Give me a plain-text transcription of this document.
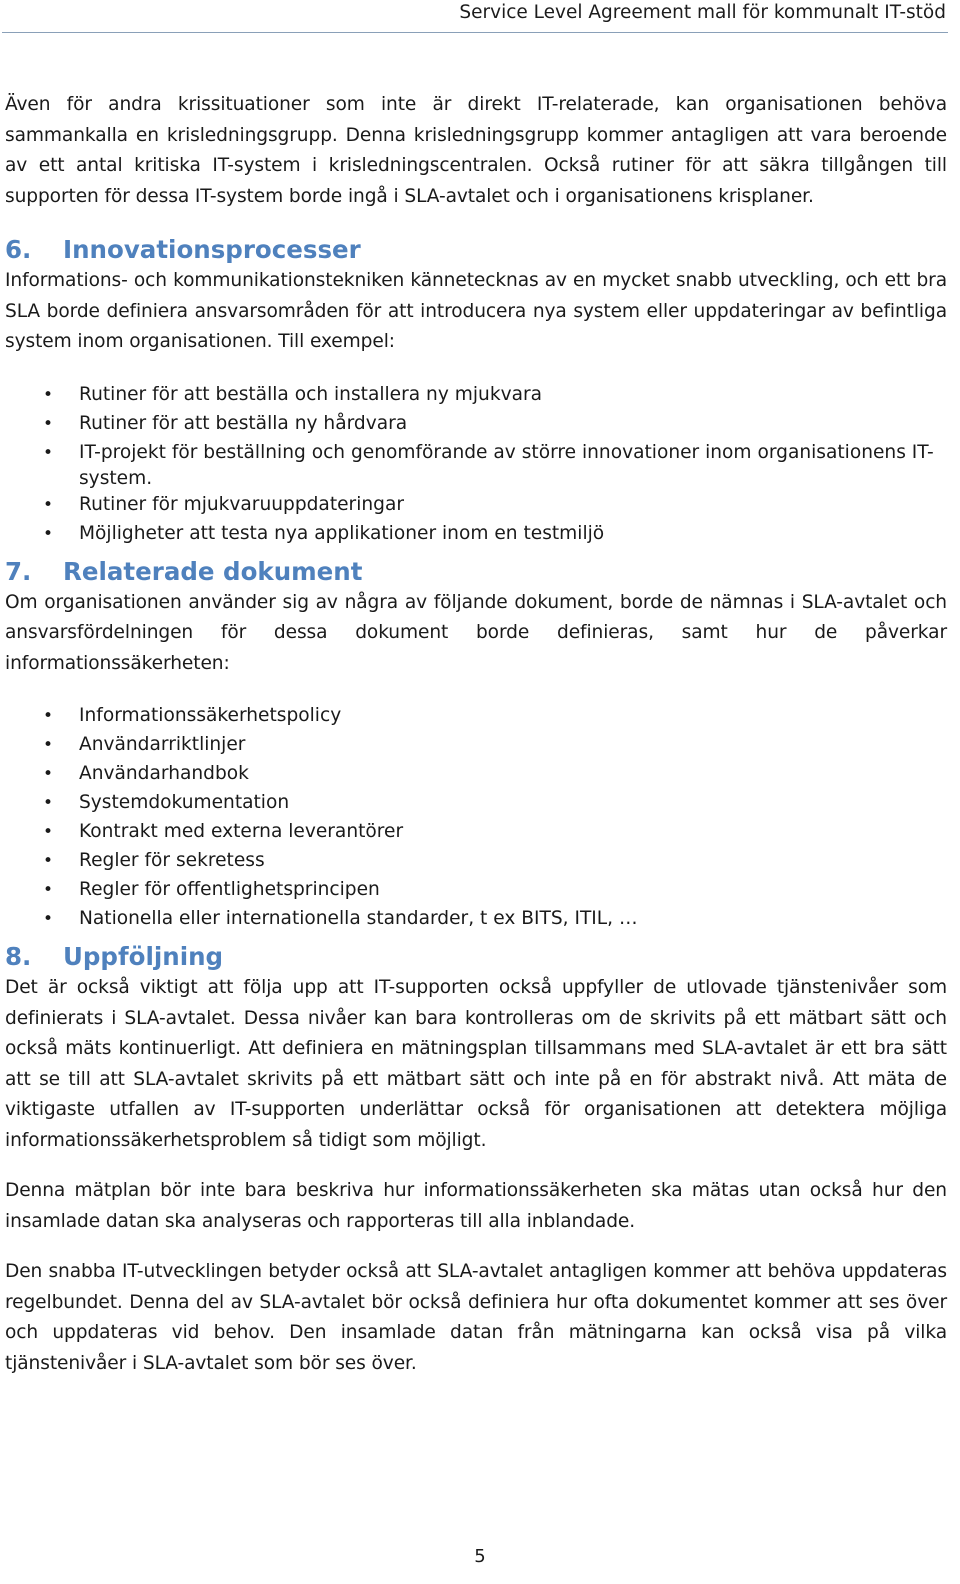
Service Level Agreement mall för kommunalt IT-stöd

Även för andra krissituationer som inte är direkt IT-relaterade, kan organisationen behöva sammankalla en krisledningsgrupp. Denna krisledningsgrupp kommer antagligen att vara beroende av ett antal kritiska IT-system i krisledningscentralen. Också rutiner för att säkra tillgången till supporten för dessa IT-system borde ingå i SLA-avtalet och i organisationens krisplaner.

6.	Innovationsprocesser

Informations- och kommunikationstekniken kännetecknas av en mycket snabb utveckling, och ett bra SLA borde definiera ansvarsområden för att introducera nya system eller uppdateringar av befintliga system inom organisationen. Till exempel:

• Rutiner för att beställa och installera ny mjukvara
• Rutiner för att beställa ny hårdvara
• IT-projekt för beställning och genomförande av större innovationer inom organisationens IT-system.
• Rutiner för mjukvaruuppdateringar
• Möjligheter att testa nya applikationer inom en testmiljö
7.	Relaterade dokument

Om organisationen använder sig av några av följande dokument, borde de nämnas i SLA-avtalet och ansvarsfördelningen för dessa dokument borde definieras, samt hur de påverkar informationssäkerheten:

• Informationssäkerhetspolicy
• Användarriktlinjer
• Användarhandbok
• Systemdokumentation
• Kontrakt med externa leverantörer
• Regler för sekretess
• Regler för offentlighetsprincipen
• Nationella eller internationella standarder, t ex BITS, ITIL, …
8.	Uppföljning

Det är också viktigt att följa upp att IT-supporten också uppfyller de utlovade tjänstenivåer som definierats i SLA-avtalet. Dessa nivåer kan bara kontrolleras om de skrivits på ett mätbart sätt och också mäts kontinuerligt. Att definiera en mätningsplan tillsammans med SLA-avtalet är ett bra sätt att se till att SLA-avtalet skrivits på ett mätbart sätt och inte på en för abstrakt nivå. Att mäta de viktigaste utfallen av IT-supporten underlättar också för organisationen att detektera möjliga informationssäkerhetsproblem så tidigt som möjligt.

Denna mätplan bör inte bara beskriva hur informationssäkerheten ska mätas utan också hur den insamlade datan ska analyseras och rapporteras till alla inblandade.

Den snabba IT-utvecklingen betyder också att SLA-avtalet antagligen kommer att behöva uppdateras regelbundet. Denna del av SLA-avtalet bör också definiera hur ofta dokumentet kommer att ses över och uppdateras vid behov. Den insamlade datan från mätningarna kan också visa på vilka tjänstenivåer i SLA-avtalet som bör ses över.

5
